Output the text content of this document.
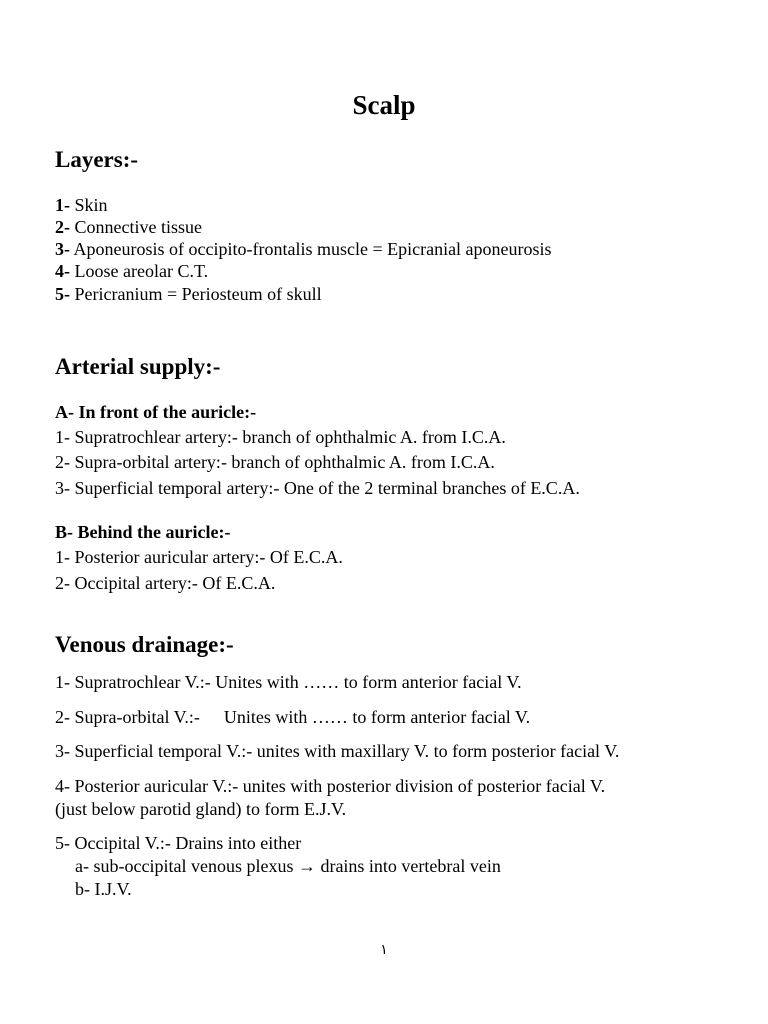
Scalp
Layers:-
1- Skin
2- Connective tissue
3- Aponeurosis of occipito-frontalis muscle = Epicranial aponeurosis
4- Loose areolar C.T.
5- Pericranium = Periosteum of skull
Arterial supply:-
A- In front of the auricle:-
1- Supratrochlear artery:- branch of ophthalmic A. from I.C.A.
2- Supra-orbital artery:- branch of ophthalmic A. from I.C.A.
3- Superficial temporal artery:- One of the 2 terminal branches of E.C.A.
B- Behind the auricle:-
1- Posterior auricular artery:- Of E.C.A.
2- Occipital artery:- Of E.C.A.
Venous drainage:-
1- Supratrochlear V.:- Unites with …… to form anterior facial V.
2- Supra-orbital V.:- Unites with …… to form anterior facial V.
3- Superficial temporal V.:- unites with maxillary V. to form posterior facial V.
4- Posterior auricular V.:- unites with posterior division of posterior facial V.
(just below parotid gland) to form E.J.V.
5- Occipital V.:- Drains into either
a- sub-occipital venous plexus → drains into vertebral vein
b- I.J.V.
١
